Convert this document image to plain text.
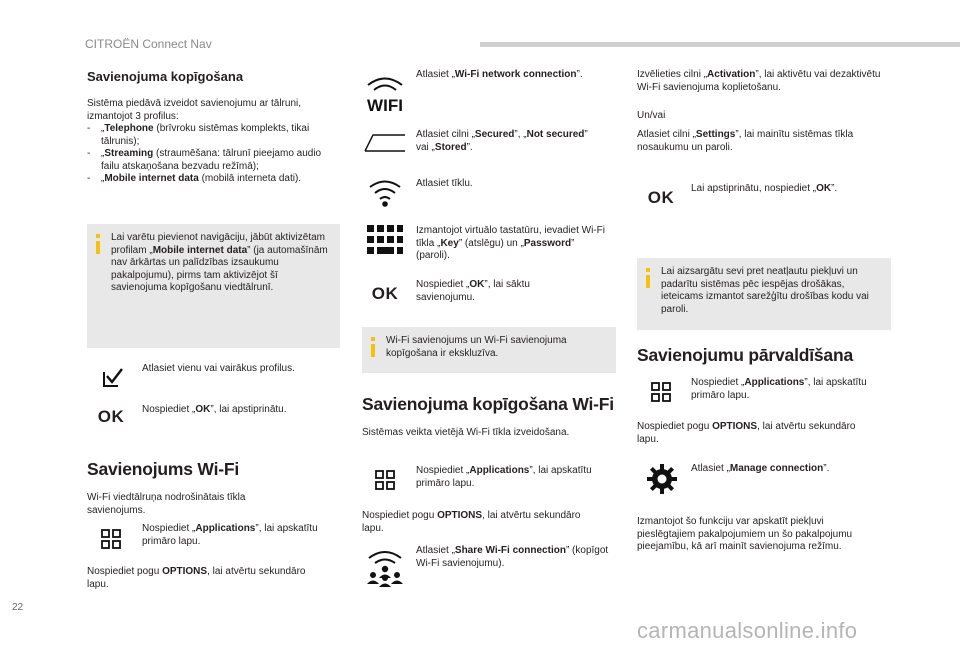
CITROËN Connect Nav
Savienojuma kopīgošana
Sistēma piedāvā izveidot savienojumu ar tālruni, izmantojot 3 profilus:
- „Telephone (brīvroku sistēmas komplekts, tikai tālrunis);
- „Streaming (straumēšana: tālrunī pieejamo audio failu atskaņošana bezvadu režīmā);
- „Mobile internet data (mobilā interneta dati).
Lai varētu pievienot navigāciju, jābūt aktivizētam profilam „Mobile internet data” (ja automašīnām nav ārkārtas un palīdzības izsaukumu pakalpojumu), pirms tam aktivizējot šī savienojuma kopīgošanu viedtālrunī.
Atlasiet vienu vai vairākus profilus.
OK	Nospiediet „OK”, lai apstiprinātu.
Savienojums Wi-Fi
Wi-Fi viedtālruņa nodrošinātais tīkla savienojums.
Nospiediet „Applications”, lai apskatītu primāro lapu.
Nospiediet pogu OPTIONS, lai atvērtu sekundāro lapu.
WIFI
Atlasiet „Wi-Fi network connection”.
Atlasiet cilni „Secured”, „Not secured” vai „Stored”.
Atlasiet tīklu.
Izmantojot virtuālo tastatūru, ievadiet Wi-Fi tīkla „Key” (atslēgu) un „Password” (paroli).
OK	Nospiediet „OK”, lai sāktu savienojumu.
Wi-Fi savienojums un Wi-Fi savienojuma kopīgošana ir ekskluzīva.
Savienojuma kopīgošana Wi-Fi
Sistēmas veikta vietējā Wi-Fi tīkla izveidošana.
Nospiediet „Applications”, lai apskatītu primāro lapu.
Nospiediet pogu OPTIONS, lai atvērtu sekundāro lapu.
Atlasiet „Share Wi-Fi connection” (kopīgot Wi-Fi savienojumu).
Izvēlieties cilni „Activation”, lai aktivētu vai dezaktivētu Wi-Fi savienojuma koplietošanu.
Un/vai
Atlasiet cilni „Settings”, lai mainītu sistēmas tīkla nosaukumu un paroli.
OK	Lai apstiprinātu, nospiediet „OK”.
Lai aizsargātu sevi pret neatļautu piekļuvi un padarītu sistēmas pēc iespējas drošākas, ieteicams izmantot sarežģītu drošības kodu vai paroli.
Savienojumu pārvaldīšana
Nospiediet „Applications”, lai apskatītu primāro lapu.
Nospiediet pogu OPTIONS, lai atvērtu sekundāro lapu.
Atlasiet „Manage connection”.
Izmantojot šo funkciju var apskatīt piekļuvi pieslēgtajiem pakalpojumiem un šo pakalpojumu pieejamību, kā arī mainīt savienojuma režīmu.
22
carmanualsonline.info
